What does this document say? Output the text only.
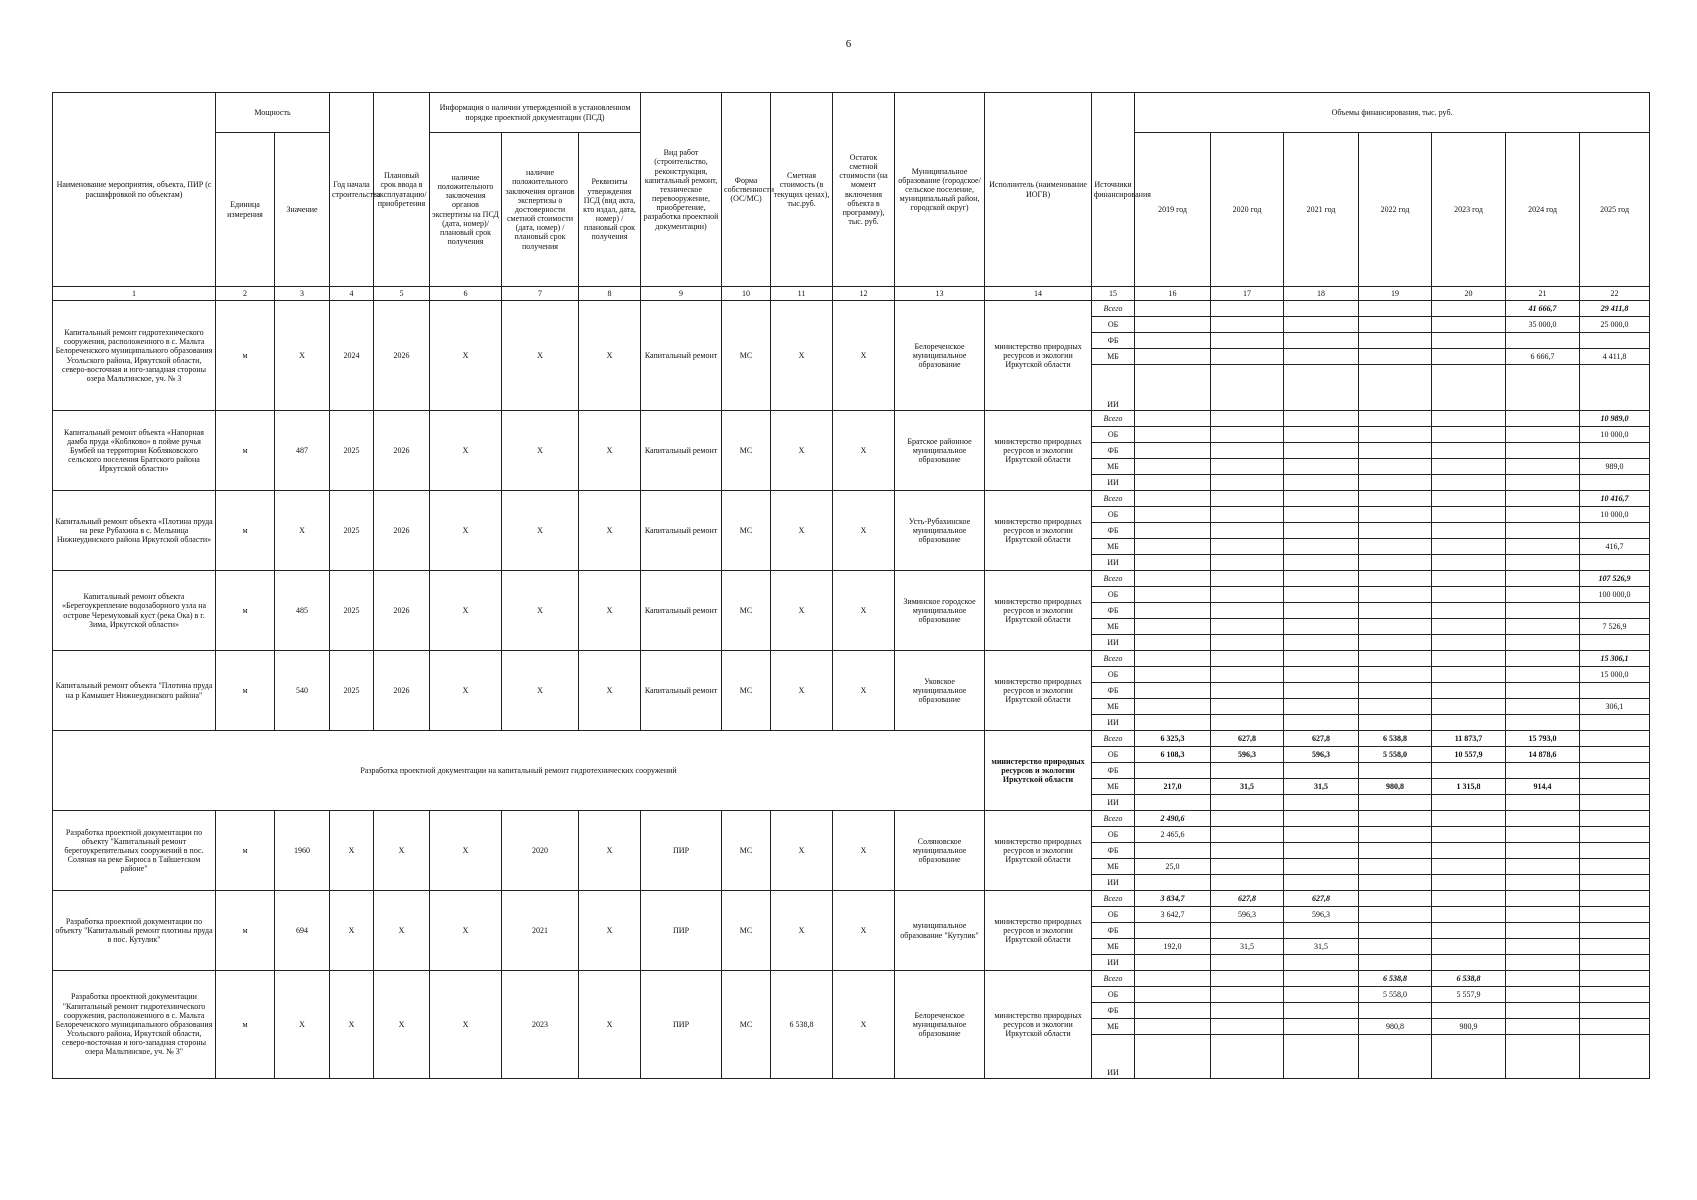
6
Наименование мероприятия, объекта, ПИР (с расшифровкой по объектам)	Мощность		Год начала строительства	Плановый срок ввода в эксплуатацию/приобретения	Информация о наличии утвержденной в установленном порядке проектной документации (ПСД)			Вид работ (строительство, реконструкция, капитальный ремонт, техническое перевооружение, приобретение, разработка проектной документации)	Форма собственности (ОС/МС)	Сметная стоимость (в текущих ценах), тыс.руб.	Остаток сметной стоимости (на момент включения объекта в программу), тыс. руб.	Муниципальное образование (городское/сельское поселение, муниципальный район, городской округ)	Исполнитель (наименование ИОГВ)	Источники финансирования	Объемы финансирования, тыс. руб.						
	Единица измерения	Значение			наличие положительного заключения органов экспертизы на ПСД (дата, номер)/плановый срок получения	наличие положительного заключения органов экспертизы о достоверности сметной стоимости (дата, номер) / плановый срок получения	Реквизиты утверждения ПСД (вид акта, кто издал, дата, номер) / плановый срок получения								2019 год	2020 год	2021 год	2022 год	2023 год	2024 год	2025 год
1	2	3	4	5	6	7	8	9	10	11	12	13	14	15	16	17	18	19	20	21	22
Капитальный ремонт гидротехнического сооружения, расположенного в с. Мальта Белореченского муниципального образования Усольского района, Иркутской области, северо-восточная и юго-западная стороны озера Мальтинское, уч. № 3	м	X	2024	2026	X	X	X	Капитальный ремонт	МС	X	X	Белореченское муниципальное образование	министерство природных ресурсов и экологии Иркутской области	Всего						41 666,7	29 411,8
														ОБ						35 000,0	25 000,0
														ФБ							
														МБ						6 666,7	4 411,8
														ИИ							
Капитальный ремонт объекта «Напорная дамба пруда «Коблково» в пойме ручья Бумбей на территории Кобляковского сельского поселения Братского района Иркутской области»	м	487	2025	2026	X	X	X	Капитальный ремонт	МС	X	X	Братское районное муниципальное образование	министерство природных ресурсов и экологии Иркутской области	Всего							10 989,0
														ОБ							10 000,0
														ФБ							
														МБ							989,0
														ИИ							
Капитальный ремонт объекта «Плотина пруда на реке Рубахина в с. Мельница Нижнеудинского района Иркутской области»	м	X	2025	2026	X	X	X	Капитальный ремонт	МС	X	X	Усть-Рубахинское муниципальное образование	министерство природных ресурсов и экологии Иркутской области	Всего							10 416,7
														ОБ							10 000,0
														ФБ							
														МБ							416,7
														ИИ							
Капитальный ремонт объекта «Берегоукрепление водозаборного узла на острове Черемуховый куст (река Ока) в г. Зима, Иркутской области»	м	485	2025	2026	X	X	X	Капитальный ремонт	МС	X	X	Зиминское городское муниципальное образование	министерство природных ресурсов и экологии Иркутской области	Всего							107 526,9
														ОБ							100 000,0
														ФБ							
														МБ							7 526,9
														ИИ							
Капитальный ремонт объекта "Плотина пруда на р Камышет Нижнеудинского района"	м	540	2025	2026	X	X	X	Капитальный ремонт	МС	X	X	Уковское муниципальное образование	министерство природных ресурсов и экологии Иркутской области	Всего							15 306,1
														ОБ							15 000,0
														ФБ							
														МБ							306,1
														ИИ							
Разработка проектной документации на капитальный ремонт гидротехнических сооружений													министерство природных ресурсов и экологии Иркутской области	Всего	6 325,3	627,8	627,8	6 538,8	11 873,7	15 793,0	
														ОБ	6 108,3	596,3	596,3	5 558,0	10 557,9	14 878,6	
														ФБ							
														МБ	217,0	31,5	31,5	980,8	1 315,8	914,4	
														ИИ							
Разработка проектной документации по объекту "Капитальный ремонт берегоукрепительных сооружений в пос. Соляная на реке Бирюса в Тайшетском районе"	м	1960	X	X	X	2020	X	ПИР	МС	X	X	Соляновское муниципальное образование	министерство природных ресурсов и экологии Иркутской области	Всего	2 490,6						
														ОБ	2 465,6						
														ФБ							
														МБ	25,0						
														ИИ							
Разработка проектной документации по объекту "Капитальный ремонт плотины пруда в пос. Кутулик"	м	694	X	X	X	2021	X	ПИР	МС	X	X	муниципальное образование "Кутулик"	министерство природных ресурсов и экологии Иркутской области	Всего	3 834,7	627,8	627,8				
														ОБ	3 642,7	596,3	596,3				
														ФБ							
														МБ	192,0	31,5	31,5				
														ИИ							
Разработка проектной документации "Капитальный ремонт гидротехнического сооружения, расположенного в с. Мальта Белореченского муниципального образования Усольского района, Иркутской области, северо-восточная и юго-западная стороны озера Мальтинское, уч. № 3"	м	X	X	X	X	2023	X	ПИР	МС	6 538,8	X	Белореченское муниципальное образование	министерство природных ресурсов и экологии Иркутской области	Всего				6 538,8	6 538,8		
														ОБ				5 558,0	5 557,9		
														ФБ							
														МБ				980,8	980,9		
														ИИ							
